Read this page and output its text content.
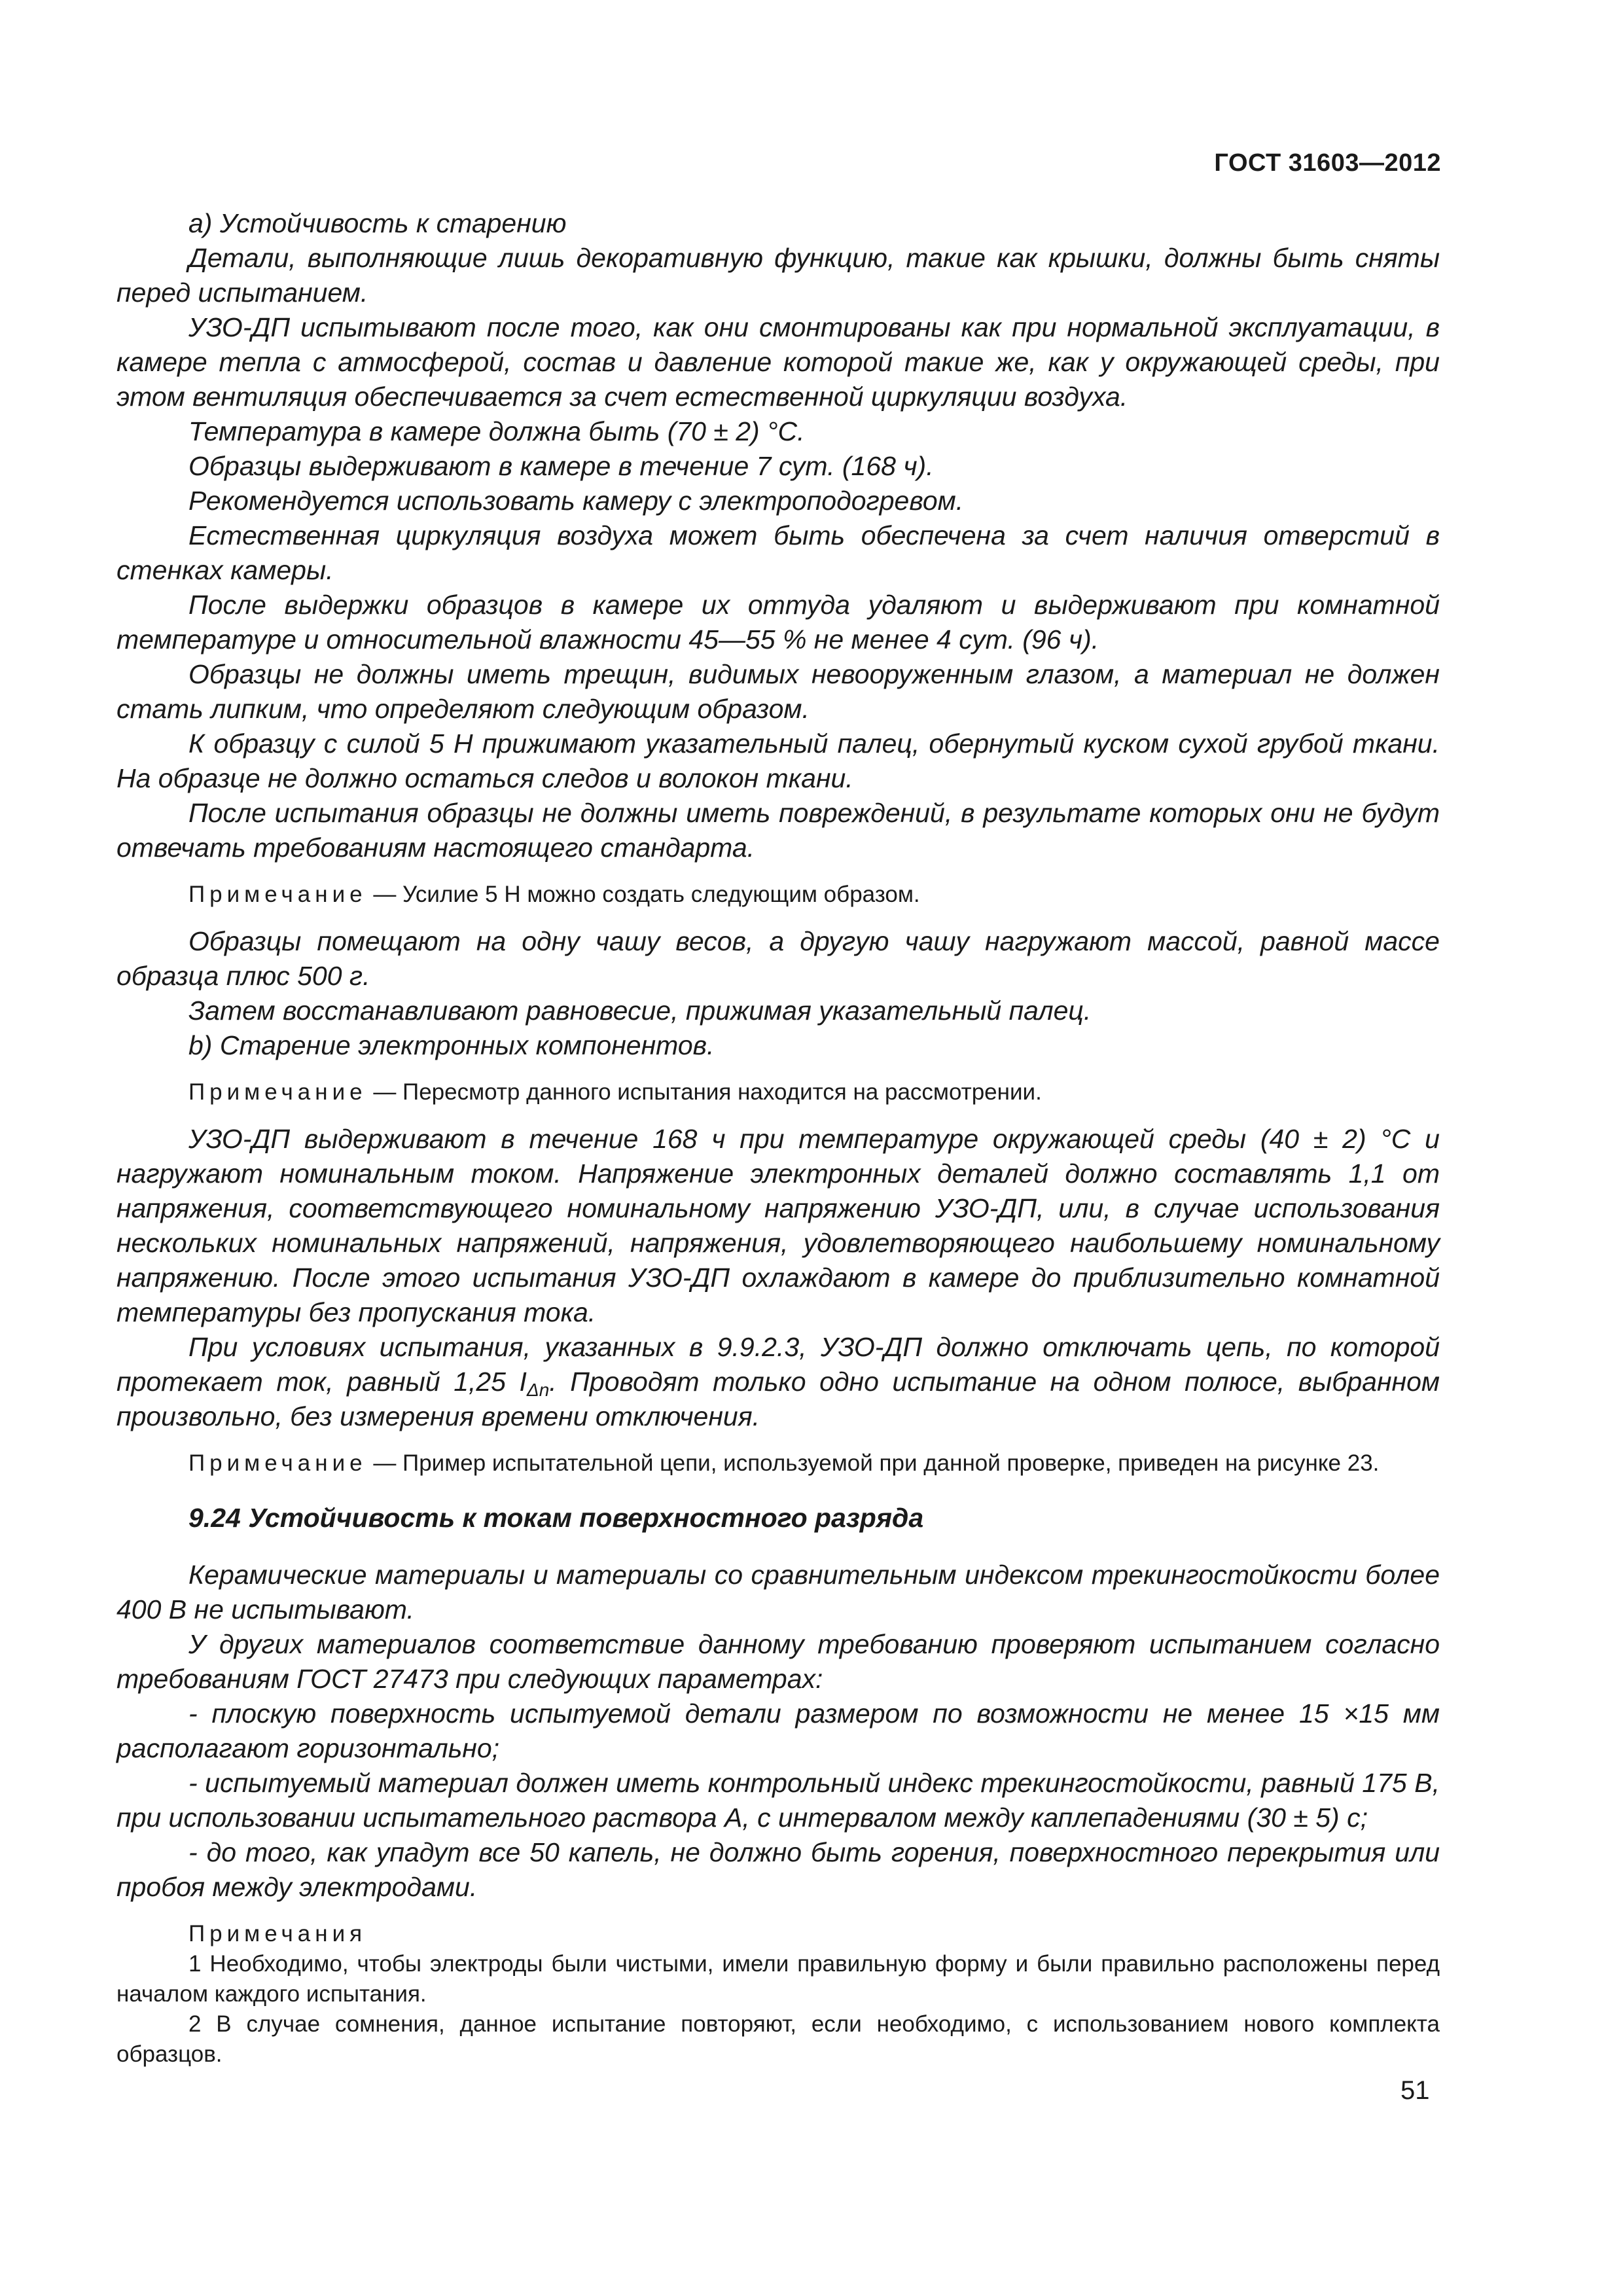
ГОСТ 31603—2012

а) Устойчивость к старению

Детали, выполняющие лишь декоративную функцию, такие как крышки, должны быть сняты перед испытанием.

УЗО-ДП испытывают после того, как они смонтированы как при нормальной эксплуатации, в камере тепла с атмосферой, состав и давление которой такие же, как у окружающей среды, при этом вентиляция обеспечивается за счет естественной циркуляции воздуха.

Температура в камере должна быть (70 ± 2) °С.

Образцы выдерживают в камере в течение 7 сут. (168 ч).

Рекомендуется использовать камеру с электроподогревом.

Естественная циркуляция воздуха может быть обеспечена за счет наличия отверстий в стенках камеры.

После выдержки образцов в камере их оттуда удаляют и выдерживают при комнатной температуре и относительной влажности 45—55 % не менее 4 сут. (96 ч).

Образцы не должны иметь трещин, видимых невооруженным глазом, а материал не должен стать липким, что определяют следующим образом.

К образцу с силой 5 Н прижимают указательный палец, обернутый куском сухой грубой ткани. На образце не должно остаться следов и волокон ткани.

После испытания образцы не должны иметь повреждений, в результате которых они не будут отвечать требованиям настоящего стандарта.

Примечание — Усилие 5 Н можно создать следующим образом.

Образцы помещают на одну чашу весов, а другую чашу нагружают массой, равной массе образца плюс 500 г.

Затем восстанавливают равновесие, прижимая указательный палец.

b) Старение электронных компонентов.

Примечание — Пересмотр данного испытания находится на рассмотрении.

УЗО-ДП выдерживают в течение 168 ч при температуре окружающей среды (40 ± 2) °С и нагружают номинальным током. Напряжение электронных деталей должно составлять 1,1 от напряжения, соответствующего номинальному напряжению УЗО-ДП, или, в случае использования нескольких номинальных напряжений, напряжения, удовлетворяющего наибольшему номинальному напряжению. После этого испытания УЗО-ДП охлаждают в камере до приблизительно комнатной температуры без пропускания тока.

При условиях испытания, указанных в 9.9.2.3, УЗО-ДП должно отключать цепь, по которой протекает ток, равный 1,25 $I_{\Delta n}$. Проводят только одно испытание на одном полюсе, выбранном произвольно, без измерения времени отключения.

Примечание — Пример испытательной цепи, используемой при данной проверке, приведен на рисунке 23.

9.24 Устойчивость к токам поверхностного разряда

Керамические материалы и материалы со сравнительным индексом трекингостойкости более 400 В не испытывают.

У других материалов соответствие данному требованию проверяют испытанием согласно требованиям ГОСТ 27473 при следующих параметрах:

- плоскую поверхность испытуемой детали размером по возможности не менее 15 ×15 мм располагают горизонтально;

- испытуемый материал должен иметь контрольный индекс трекингостойкости, равный 175 В, при использовании испытательного раствора А, с интервалом между каплепадениями (30 ± 5) с;

- до того, как упадут все 50 капель, не должно быть горения, поверхностного перекрытия или пробоя между электродами.

Примечания

1 Необходимо, чтобы электроды были чистыми, имели правильную форму и были правильно расположены перед началом каждого испытания.

2 В случае сомнения, данное испытание повторяют, если необходимо, с использованием нового комплекта образцов.

51
